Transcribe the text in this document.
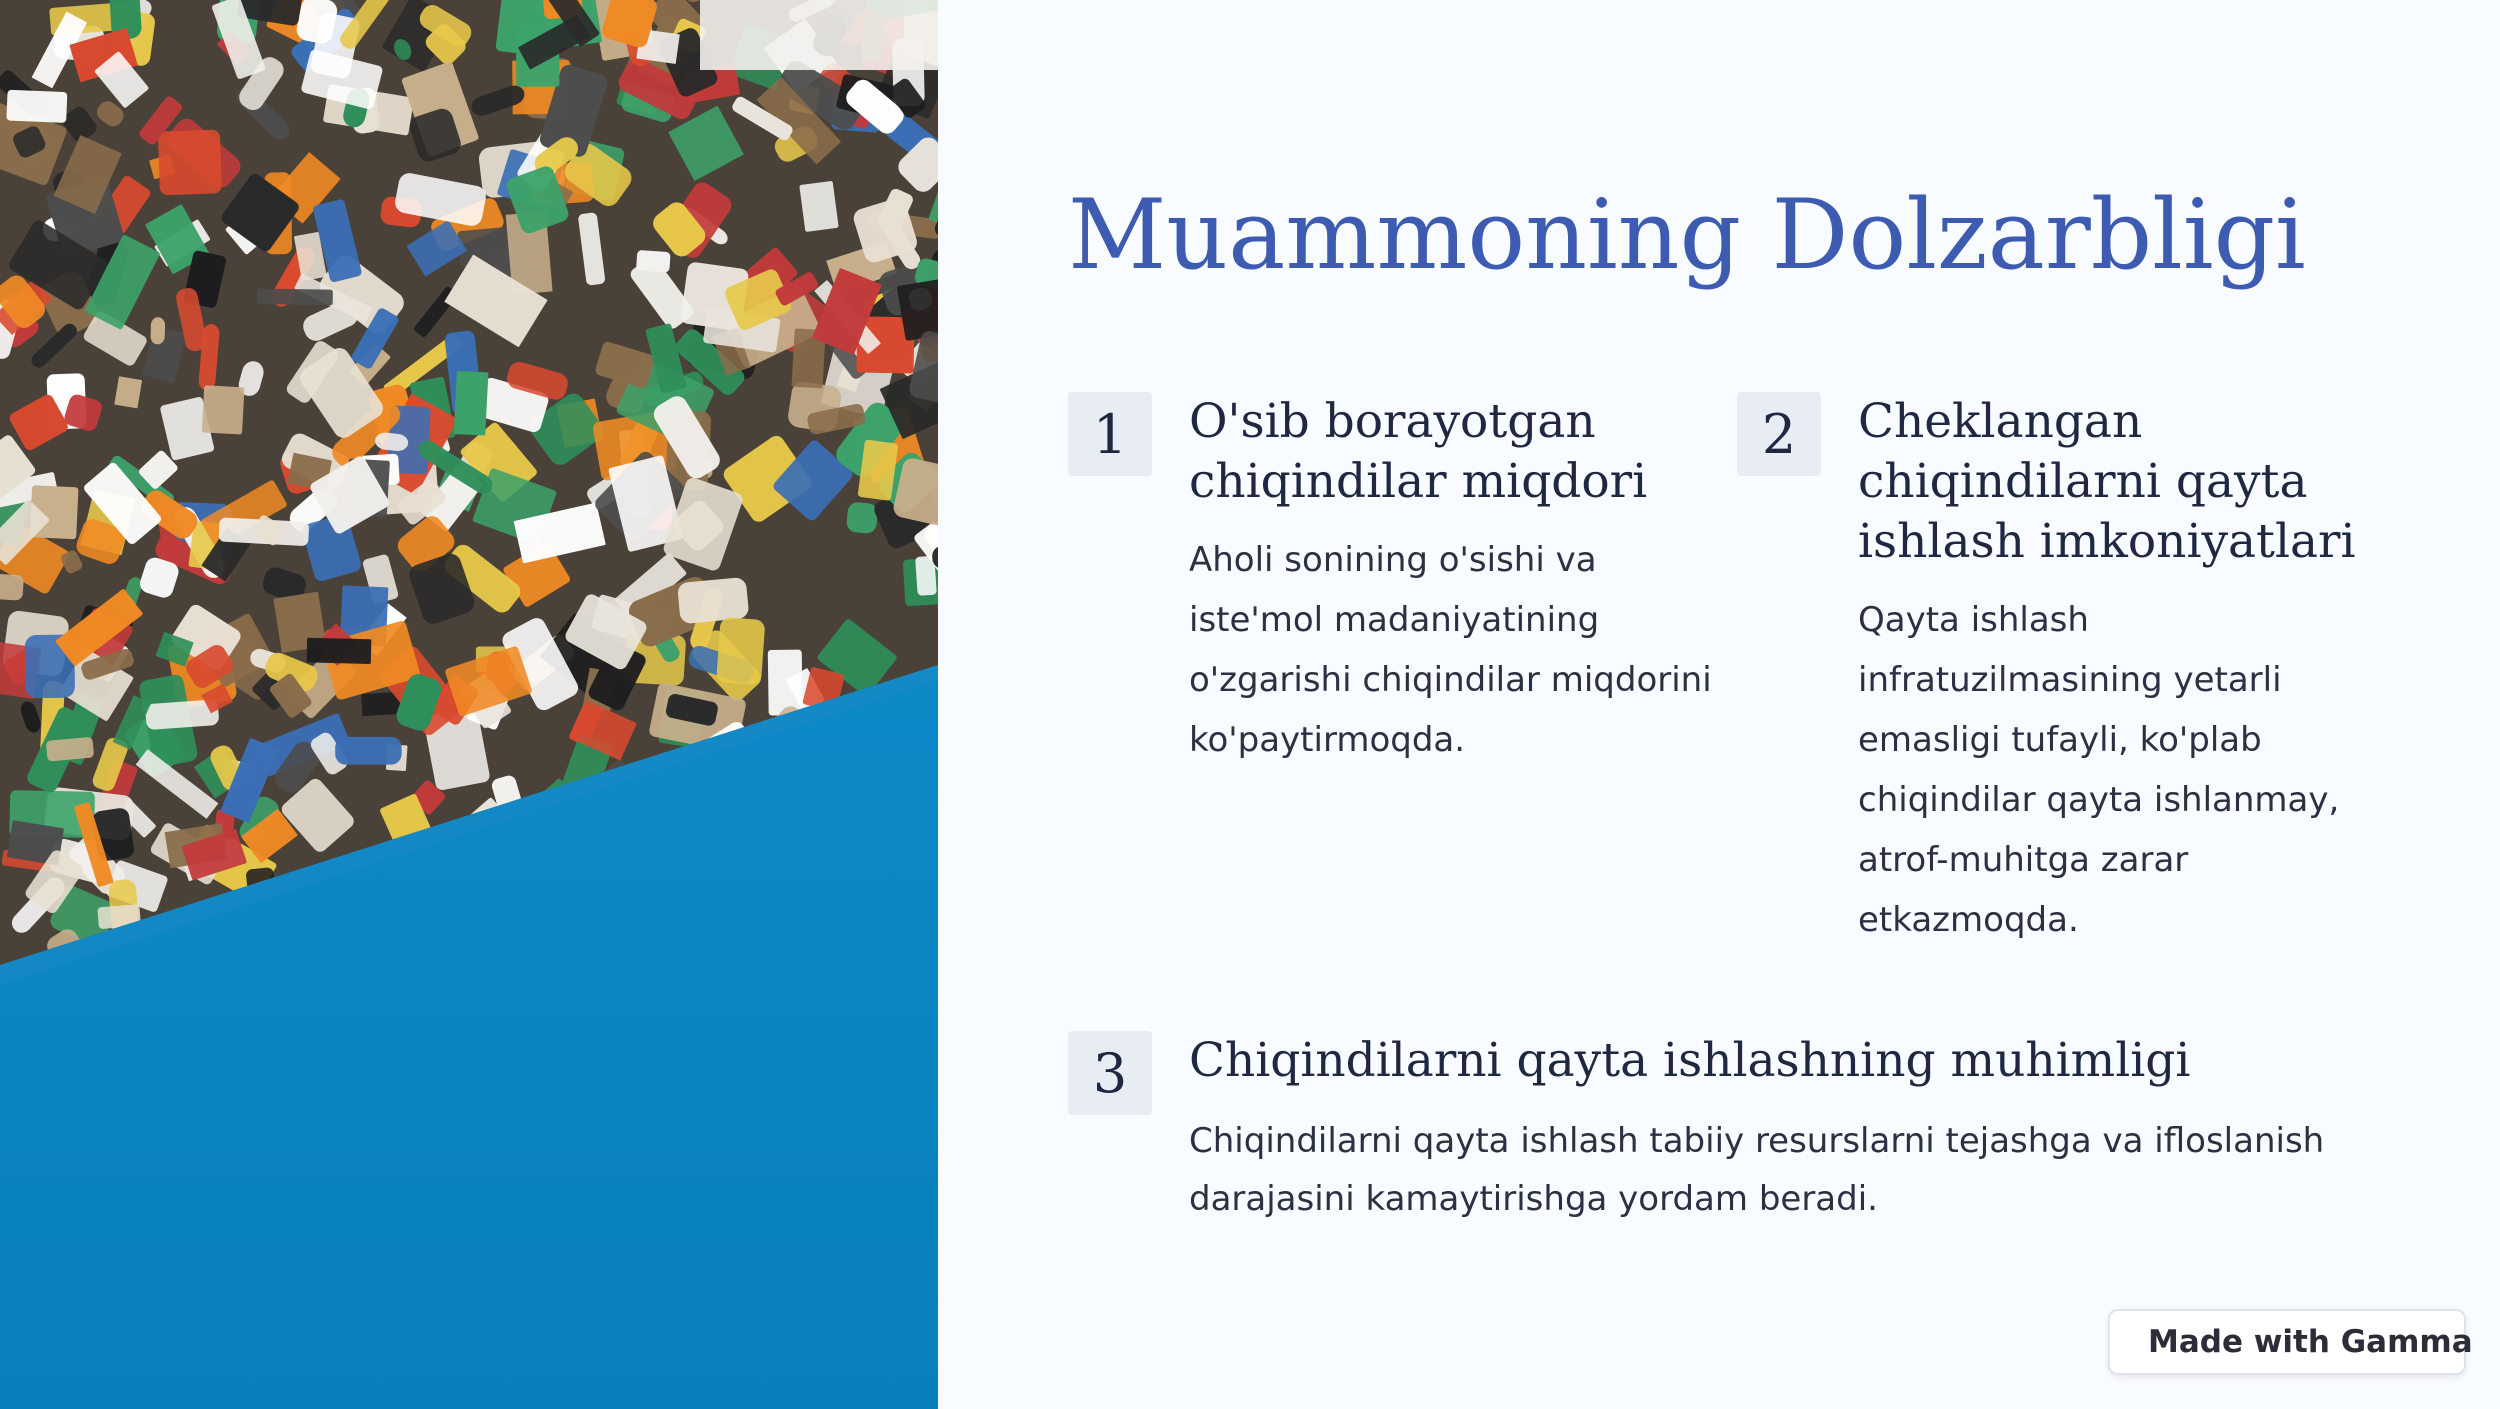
Muammoning Dolzarbligi
1	O'sib borayotgan chiqindilar miqdori

Aholi sonining o'sishi va iste'mol madaniyatining o'zgarishi chiqindilar miqdorini ko'paytirmoqda.

2	Cheklangan chiqindilarni qayta ishlash imkoniyatlari

Qayta ishlash infratuzilmasining yetarli emasligi tufayli, ko'plab chiqindilar qayta ishlanmay, atrof-muhitga zarar etkazmoqda.

3	Chiqindilarni qayta ishlashning muhimligi

Chiqindilarni qayta ishlash tabiiy resurslarni tejashga va ifloslanish darajasini kamaytirishga yordam beradi.

Made with Gamma
